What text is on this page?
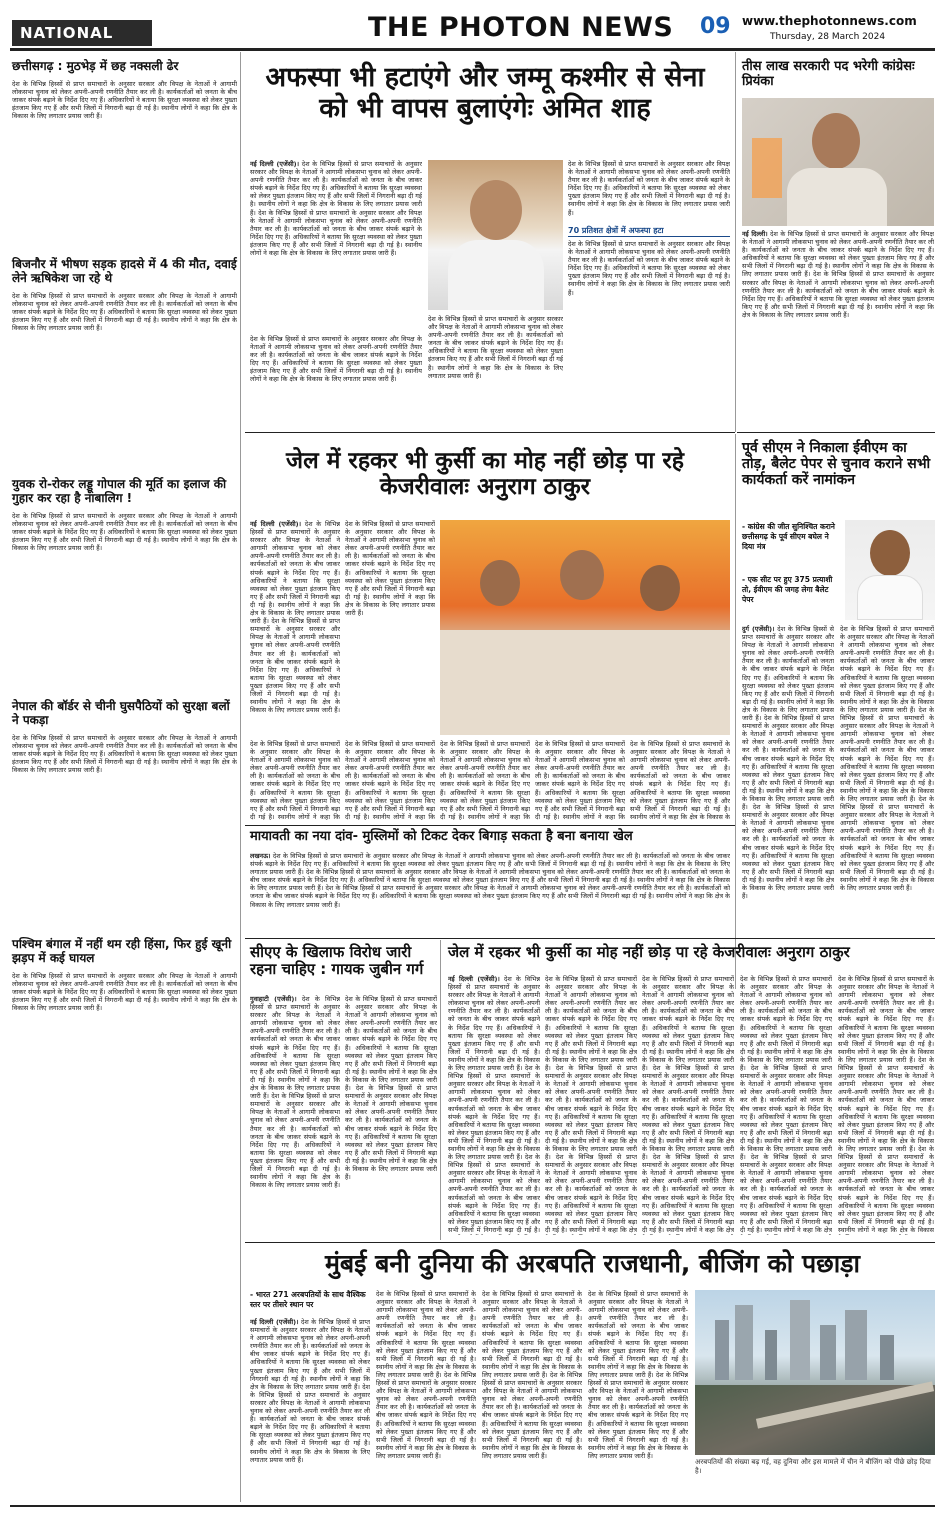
NATIONAL	THE PHOTON NEWS 09 www.thephotonnews.com
Thursday, 28 March 2024
छत्तीसगढ़ : मुठभेड़ में छह नक्सली ढेर
देश के विभिन्न हिस्सों से प्राप्त समाचारों के अनुसार सरकार और विपक्ष के नेताओं ने आगामी लोकसभा चुनाव को लेकर अपनी-अपनी रणनीति तैयार कर ली है। कार्यकर्ताओं को जनता के बीच जाकर संपर्क बढ़ाने के निर्देश दिए गए हैं। अधिकारियों ने बताया कि सुरक्षा व्यवस्था को लेकर पुख्ता इंतजाम किए गए हैं और सभी जिलों में निगरानी बढ़ा दी गई है। स्थानीय लोगों ने कहा कि क्षेत्र के विकास के लिए लगातार प्रयास जारी हैं।
बिजनौर में भीषण सड़क हादसे में 4 की मौत, दवाई लेने ऋषिकेश जा रहे थे
देश के विभिन्न हिस्सों से प्राप्त समाचारों के अनुसार सरकार और विपक्ष के नेताओं ने आगामी लोकसभा चुनाव को लेकर अपनी-अपनी रणनीति तैयार कर ली है। कार्यकर्ताओं को जनता के बीच जाकर संपर्क बढ़ाने के निर्देश दिए गए हैं। अधिकारियों ने बताया कि सुरक्षा व्यवस्था को लेकर पुख्ता इंतजाम किए गए हैं और सभी जिलों में निगरानी बढ़ा दी गई है। स्थानीय लोगों ने कहा कि क्षेत्र के विकास के लिए लगातार प्रयास जारी हैं।
युवक रो-रोकर लड्डू गोपाल की मूर्ति का इलाज की गुहार कर रहा है नाबालिग !
देश के विभिन्न हिस्सों से प्राप्त समाचारों के अनुसार सरकार और विपक्ष के नेताओं ने आगामी लोकसभा चुनाव को लेकर अपनी-अपनी रणनीति तैयार कर ली है। कार्यकर्ताओं को जनता के बीच जाकर संपर्क बढ़ाने के निर्देश दिए गए हैं। अधिकारियों ने बताया कि सुरक्षा व्यवस्था को लेकर पुख्ता इंतजाम किए गए हैं और सभी जिलों में निगरानी बढ़ा दी गई है। स्थानीय लोगों ने कहा कि क्षेत्र के विकास के लिए लगातार प्रयास जारी हैं।
नेपाल की बॉर्डर से चीनी घुसपैठियों को सुरक्षा बलों ने पकड़ा
देश के विभिन्न हिस्सों से प्राप्त समाचारों के अनुसार सरकार और विपक्ष के नेताओं ने आगामी लोकसभा चुनाव को लेकर अपनी-अपनी रणनीति तैयार कर ली है। कार्यकर्ताओं को जनता के बीच जाकर संपर्क बढ़ाने के निर्देश दिए गए हैं। अधिकारियों ने बताया कि सुरक्षा व्यवस्था को लेकर पुख्ता इंतजाम किए गए हैं और सभी जिलों में निगरानी बढ़ा दी गई है। स्थानीय लोगों ने कहा कि क्षेत्र के विकास के लिए लगातार प्रयास जारी हैं।
पश्चिम बंगाल में नहीं थम रही हिंसा, फिर हुई खूनी झड़प में कई घायल
देश के विभिन्न हिस्सों से प्राप्त समाचारों के अनुसार सरकार और विपक्ष के नेताओं ने आगामी लोकसभा चुनाव को लेकर अपनी-अपनी रणनीति तैयार कर ली है। कार्यकर्ताओं को जनता के बीच जाकर संपर्क बढ़ाने के निर्देश दिए गए हैं। अधिकारियों ने बताया कि सुरक्षा व्यवस्था को लेकर पुख्ता इंतजाम किए गए हैं और सभी जिलों में निगरानी बढ़ा दी गई है। स्थानीय लोगों ने कहा कि क्षेत्र के विकास के लिए लगातार प्रयास जारी हैं।
अफस्पा भी हटाएंगे और जम्मू कश्मीर से सेना को भी वापस बुलाएंगेः अमित शाह
नई दिल्ली (एजेंसी)। देश के विभिन्न हिस्सों से प्राप्त समाचारों के अनुसार सरकार और विपक्ष के नेताओं ने आगामी लोकसभा चुनाव को लेकर अपनी-अपनी रणनीति तैयार कर ली है। कार्यकर्ताओं को जनता के बीच जाकर संपर्क बढ़ाने के निर्देश दिए गए हैं। अधिकारियों ने बताया कि सुरक्षा व्यवस्था को लेकर पुख्ता इंतजाम किए गए हैं और सभी जिलों में निगरानी बढ़ा दी गई है। स्थानीय लोगों ने कहा कि क्षेत्र के विकास के लिए लगातार प्रयास जारी हैं। देश के विभिन्न हिस्सों से प्राप्त समाचारों के अनुसार सरकार और विपक्ष के नेताओं ने आगामी लोकसभा चुनाव को लेकर अपनी-अपनी रणनीति तैयार कर ली है। कार्यकर्ताओं को जनता के बीच जाकर संपर्क बढ़ाने के निर्देश दिए गए हैं। अधिकारियों ने बताया कि सुरक्षा व्यवस्था को लेकर पुख्ता इंतजाम किए गए हैं और सभी जिलों में निगरानी बढ़ा दी गई है। स्थानीय लोगों ने कहा कि क्षेत्र के विकास के लिए लगातार प्रयास जारी हैं।
देश के विभिन्न हिस्सों से प्राप्त समाचारों के अनुसार सरकार और विपक्ष के नेताओं ने आगामी लोकसभा चुनाव को लेकर अपनी-अपनी रणनीति तैयार कर ली है। कार्यकर्ताओं को जनता के बीच जाकर संपर्क बढ़ाने के निर्देश दिए गए हैं। अधिकारियों ने बताया कि सुरक्षा व्यवस्था को लेकर पुख्ता इंतजाम किए गए हैं और सभी जिलों में निगरानी बढ़ा दी गई है। स्थानीय लोगों ने कहा कि क्षेत्र के विकास के लिए लगातार प्रयास जारी हैं।
देश के विभिन्न हिस्सों से प्राप्त समाचारों के अनुसार सरकार और विपक्ष के नेताओं ने आगामी लोकसभा चुनाव को लेकर अपनी-अपनी रणनीति तैयार कर ली है। कार्यकर्ताओं को जनता के बीच जाकर संपर्क बढ़ाने के निर्देश दिए गए हैं। अधिकारियों ने बताया कि सुरक्षा व्यवस्था को लेकर पुख्ता इंतजाम किए गए हैं और सभी जिलों में निगरानी बढ़ा दी गई है। स्थानीय लोगों ने कहा कि क्षेत्र के विकास के लिए लगातार प्रयास जारी हैं।
70 प्रतिशत क्षेत्रों में अफस्पा हटा
देश के विभिन्न हिस्सों से प्राप्त समाचारों के अनुसार सरकार और विपक्ष के नेताओं ने आगामी लोकसभा चुनाव को लेकर अपनी-अपनी रणनीति तैयार कर ली है। कार्यकर्ताओं को जनता के बीच जाकर संपर्क बढ़ाने के निर्देश दिए गए हैं। अधिकारियों ने बताया कि सुरक्षा व्यवस्था को लेकर पुख्ता इंतजाम किए गए हैं और सभी जिलों में निगरानी बढ़ा दी गई है। स्थानीय लोगों ने कहा कि क्षेत्र के विकास के लिए लगातार प्रयास जारी हैं।
देश के विभिन्न हिस्सों से प्राप्त समाचारों के अनुसार सरकार और विपक्ष के नेताओं ने आगामी लोकसभा चुनाव को लेकर अपनी-अपनी रणनीति तैयार कर ली है। कार्यकर्ताओं को जनता के बीच जाकर संपर्क बढ़ाने के निर्देश दिए गए हैं। अधिकारियों ने बताया कि सुरक्षा व्यवस्था को लेकर पुख्ता इंतजाम किए गए हैं और सभी जिलों में निगरानी बढ़ा दी गई है। स्थानीय लोगों ने कहा कि क्षेत्र के विकास के लिए लगातार प्रयास जारी हैं।
तीस लाख सरकारी पद भरेगी कांग्रेसः प्रियंका
नई दिल्ली। देश के विभिन्न हिस्सों से प्राप्त समाचारों के अनुसार सरकार और विपक्ष के नेताओं ने आगामी लोकसभा चुनाव को लेकर अपनी-अपनी रणनीति तैयार कर ली है। कार्यकर्ताओं को जनता के बीच जाकर संपर्क बढ़ाने के निर्देश दिए गए हैं। अधिकारियों ने बताया कि सुरक्षा व्यवस्था को लेकर पुख्ता इंतजाम किए गए हैं और सभी जिलों में निगरानी बढ़ा दी गई है। स्थानीय लोगों ने कहा कि क्षेत्र के विकास के लिए लगातार प्रयास जारी हैं। देश के विभिन्न हिस्सों से प्राप्त समाचारों के अनुसार सरकार और विपक्ष के नेताओं ने आगामी लोकसभा चुनाव को लेकर अपनी-अपनी रणनीति तैयार कर ली है। कार्यकर्ताओं को जनता के बीच जाकर संपर्क बढ़ाने के निर्देश दिए गए हैं। अधिकारियों ने बताया कि सुरक्षा व्यवस्था को लेकर पुख्ता इंतजाम किए गए हैं और सभी जिलों में निगरानी बढ़ा दी गई है। स्थानीय लोगों ने कहा कि क्षेत्र के विकास के लिए लगातार प्रयास जारी हैं।
जेल में रहकर भी कुर्सी का मोह नहीं छोड़ पा रहे केजरीवालः अनुराग ठाकुर
नई दिल्ली (एजेंसी)। देश के विभिन्न हिस्सों से प्राप्त समाचारों के अनुसार सरकार और विपक्ष के नेताओं ने आगामी लोकसभा चुनाव को लेकर अपनी-अपनी रणनीति तैयार कर ली है। कार्यकर्ताओं को जनता के बीच जाकर संपर्क बढ़ाने के निर्देश दिए गए हैं। अधिकारियों ने बताया कि सुरक्षा व्यवस्था को लेकर पुख्ता इंतजाम किए गए हैं और सभी जिलों में निगरानी बढ़ा दी गई है। स्थानीय लोगों ने कहा कि क्षेत्र के विकास के लिए लगातार प्रयास जारी हैं। देश के विभिन्न हिस्सों से प्राप्त समाचारों के अनुसार सरकार और विपक्ष के नेताओं ने आगामी लोकसभा चुनाव को लेकर अपनी-अपनी रणनीति तैयार कर ली है। कार्यकर्ताओं को जनता के बीच जाकर संपर्क बढ़ाने के निर्देश दिए गए हैं। अधिकारियों ने बताया कि सुरक्षा व्यवस्था को लेकर पुख्ता इंतजाम किए गए हैं और सभी जिलों में निगरानी बढ़ा दी गई है। स्थानीय लोगों ने कहा कि क्षेत्र के विकास के लिए लगातार प्रयास जारी हैं।
देश के विभिन्न हिस्सों से प्राप्त समाचारों के अनुसार सरकार और विपक्ष के नेताओं ने आगामी लोकसभा चुनाव को लेकर अपनी-अपनी रणनीति तैयार कर ली है। कार्यकर्ताओं को जनता के बीच जाकर संपर्क बढ़ाने के निर्देश दिए गए हैं। अधिकारियों ने बताया कि सुरक्षा व्यवस्था को लेकर पुख्ता इंतजाम किए गए हैं और सभी जिलों में निगरानी बढ़ा दी गई है। स्थानीय लोगों ने कहा कि क्षेत्र के विकास के लिए लगातार प्रयास जारी हैं।
देश के विभिन्न हिस्सों से प्राप्त समाचारों के अनुसार सरकार और विपक्ष के नेताओं ने आगामी लोकसभा चुनाव को लेकर अपनी-अपनी रणनीति तैयार कर ली है। कार्यकर्ताओं को जनता के बीच जाकर संपर्क बढ़ाने के निर्देश दिए गए हैं। अधिकारियों ने बताया कि सुरक्षा व्यवस्था को लेकर पुख्ता इंतजाम किए गए हैं और सभी जिलों में निगरानी बढ़ा दी गई है। स्थानीय लोगों ने कहा कि
देश के विभिन्न हिस्सों से प्राप्त समाचारों के अनुसार सरकार और विपक्ष के नेताओं ने आगामी लोकसभा चुनाव को लेकर अपनी-अपनी रणनीति तैयार कर ली है। कार्यकर्ताओं को जनता के बीच जाकर संपर्क बढ़ाने के निर्देश दिए गए हैं। अधिकारियों ने बताया कि सुरक्षा व्यवस्था को लेकर पुख्ता इंतजाम किए गए हैं और सभी जिलों में निगरानी बढ़ा दी गई है। स्थानीय लोगों ने कहा कि
देश के विभिन्न हिस्सों से प्राप्त समाचारों के अनुसार सरकार और विपक्ष के नेताओं ने आगामी लोकसभा चुनाव को लेकर अपनी-अपनी रणनीति तैयार कर ली है। कार्यकर्ताओं को जनता के बीच जाकर संपर्क बढ़ाने के निर्देश दिए गए हैं। अधिकारियों ने बताया कि सुरक्षा व्यवस्था को लेकर पुख्ता इंतजाम किए गए हैं और सभी जिलों में निगरानी बढ़ा दी गई है। स्थानीय लोगों ने कहा कि
देश के विभिन्न हिस्सों से प्राप्त समाचारों के अनुसार सरकार और विपक्ष के नेताओं ने आगामी लोकसभा चुनाव को लेकर अपनी-अपनी रणनीति तैयार कर ली है। कार्यकर्ताओं को जनता के बीच जाकर संपर्क बढ़ाने के निर्देश दिए गए हैं। अधिकारियों ने बताया कि सुरक्षा व्यवस्था को लेकर पुख्ता इंतजाम किए गए हैं और सभी जिलों में निगरानी बढ़ा दी गई है। स्थानीय लोगों ने कहा कि
देश के विभिन्न हिस्सों से प्राप्त समाचारों के अनुसार सरकार और विपक्ष के नेताओं ने आगामी लोकसभा चुनाव को लेकर अपनी-अपनी रणनीति तैयार कर ली है। कार्यकर्ताओं को जनता के बीच जाकर संपर्क बढ़ाने के निर्देश दिए गए हैं। अधिकारियों ने बताया कि सुरक्षा व्यवस्था को लेकर पुख्ता इंतजाम किए गए हैं और सभी जिलों में निगरानी बढ़ा दी गई है। स्थानीय लोगों ने कहा कि क्षेत्र के विकास के
पूर्व सीएम ने निकाला ईवीएम का तोड़, बैलेट पेपर से चुनाव कराने सभी कार्यकर्ता करें नामांकन
- कांग्रेस की जीत सुनिश्चित कराने छत्तीसगढ़ के पूर्व सीएम बघेल ने दिया मंत्र
- एक सीट पर हुए 375 प्रत्याशी तो, ईवीएम की जगह लेगा बैलेट पेपर
दुर्ग (एजेंसी)। देश के विभिन्न हिस्सों से प्राप्त समाचारों के अनुसार सरकार और विपक्ष के नेताओं ने आगामी लोकसभा चुनाव को लेकर अपनी-अपनी रणनीति तैयार कर ली है। कार्यकर्ताओं को जनता के बीच जाकर संपर्क बढ़ाने के निर्देश दिए गए हैं। अधिकारियों ने बताया कि सुरक्षा व्यवस्था को लेकर पुख्ता इंतजाम किए गए हैं और सभी जिलों में निगरानी बढ़ा दी गई है। स्थानीय लोगों ने कहा कि क्षेत्र के विकास के लिए लगातार प्रयास जारी हैं। देश के विभिन्न हिस्सों से प्राप्त समाचारों के अनुसार सरकार और विपक्ष के नेताओं ने आगामी लोकसभा चुनाव को लेकर अपनी-अपनी रणनीति तैयार कर ली है। कार्यकर्ताओं को जनता के बीच जाकर संपर्क बढ़ाने के निर्देश दिए गए हैं। अधिकारियों ने बताया कि सुरक्षा व्यवस्था को लेकर पुख्ता इंतजाम किए गए हैं और सभी जिलों में निगरानी बढ़ा दी गई है। स्थानीय लोगों ने कहा कि क्षेत्र के विकास के लिए लगातार प्रयास जारी हैं। देश के विभिन्न हिस्सों से प्राप्त समाचारों के अनुसार सरकार और विपक्ष के नेताओं ने आगामी लोकसभा चुनाव को लेकर अपनी-अपनी रणनीति तैयार कर ली है। कार्यकर्ताओं को जनता के बीच जाकर संपर्क बढ़ाने के निर्देश दिए गए हैं। अधिकारियों ने बताया कि सुरक्षा व्यवस्था को लेकर पुख्ता इंतजाम किए गए हैं और सभी जिलों में निगरानी बढ़ा दी गई है। स्थानीय लोगों ने कहा कि क्षेत्र के विकास के लिए लगातार प्रयास जारी हैं।
देश के विभिन्न हिस्सों से प्राप्त समाचारों के अनुसार सरकार और विपक्ष के नेताओं ने आगामी लोकसभा चुनाव को लेकर अपनी-अपनी रणनीति तैयार कर ली है। कार्यकर्ताओं को जनता के बीच जाकर संपर्क बढ़ाने के निर्देश दिए गए हैं। अधिकारियों ने बताया कि सुरक्षा व्यवस्था को लेकर पुख्ता इंतजाम किए गए हैं और सभी जिलों में निगरानी बढ़ा दी गई है। स्थानीय लोगों ने कहा कि क्षेत्र के विकास के लिए लगातार प्रयास जारी हैं। देश के विभिन्न हिस्सों से प्राप्त समाचारों के अनुसार सरकार और विपक्ष के नेताओं ने आगामी लोकसभा चुनाव को लेकर अपनी-अपनी रणनीति तैयार कर ली है। कार्यकर्ताओं को जनता के बीच जाकर संपर्क बढ़ाने के निर्देश दिए गए हैं। अधिकारियों ने बताया कि सुरक्षा व्यवस्था को लेकर पुख्ता इंतजाम किए गए हैं और सभी जिलों में निगरानी बढ़ा दी गई है। स्थानीय लोगों ने कहा कि क्षेत्र के विकास के लिए लगातार प्रयास जारी हैं। देश के विभिन्न हिस्सों से प्राप्त समाचारों के अनुसार सरकार और विपक्ष के नेताओं ने आगामी लोकसभा चुनाव को लेकर अपनी-अपनी रणनीति तैयार कर ली है। कार्यकर्ताओं को जनता के बीच जाकर संपर्क बढ़ाने के निर्देश दिए गए हैं। अधिकारियों ने बताया कि सुरक्षा व्यवस्था को लेकर पुख्ता इंतजाम किए गए हैं और सभी जिलों में निगरानी बढ़ा दी गई है। स्थानीय लोगों ने कहा कि क्षेत्र के विकास के लिए लगातार प्रयास जारी हैं।
मायावती का नया दांव- मुस्लिमों को टिकट देकर बिगाड़ सकता है बना बनाया खेल
लखनऊ। देश के विभिन्न हिस्सों से प्राप्त समाचारों के अनुसार सरकार और विपक्ष के नेताओं ने आगामी लोकसभा चुनाव को लेकर अपनी-अपनी रणनीति तैयार कर ली है। कार्यकर्ताओं को जनता के बीच जाकर संपर्क बढ़ाने के निर्देश दिए गए हैं। अधिकारियों ने बताया कि सुरक्षा व्यवस्था को लेकर पुख्ता इंतजाम किए गए हैं और सभी जिलों में निगरानी बढ़ा दी गई है। स्थानीय लोगों ने कहा कि क्षेत्र के विकास के लिए लगातार प्रयास जारी हैं। देश के विभिन्न हिस्सों से प्राप्त समाचारों के अनुसार सरकार और विपक्ष के नेताओं ने आगामी लोकसभा चुनाव को लेकर अपनी-अपनी रणनीति तैयार कर ली है। कार्यकर्ताओं को जनता के बीच जाकर संपर्क बढ़ाने के निर्देश दिए गए हैं। अधिकारियों ने बताया कि सुरक्षा व्यवस्था को लेकर पुख्ता इंतजाम किए गए हैं और सभी जिलों में निगरानी बढ़ा दी गई है। स्थानीय लोगों ने कहा कि क्षेत्र के विकास के लिए लगातार प्रयास जारी हैं। देश के विभिन्न हिस्सों से प्राप्त समाचारों के अनुसार सरकार और विपक्ष के नेताओं ने आगामी लोकसभा चुनाव को लेकर अपनी-अपनी रणनीति तैयार कर ली है। कार्यकर्ताओं को जनता के बीच जाकर संपर्क बढ़ाने के निर्देश दिए गए हैं। अधिकारियों ने बताया कि सुरक्षा व्यवस्था को लेकर पुख्ता इंतजाम किए गए हैं और सभी जिलों में निगरानी बढ़ा दी गई है। स्थानीय लोगों ने कहा कि क्षेत्र के विकास के लिए लगातार प्रयास जारी हैं।
सीएए के खिलाफ विरोध जारी रहना चाहिए : गायक जुबीन गर्ग
गुवाहाटी (एजेंसी)। देश के विभिन्न हिस्सों से प्राप्त समाचारों के अनुसार सरकार और विपक्ष के नेताओं ने आगामी लोकसभा चुनाव को लेकर अपनी-अपनी रणनीति तैयार कर ली है। कार्यकर्ताओं को जनता के बीच जाकर संपर्क बढ़ाने के निर्देश दिए गए हैं। अधिकारियों ने बताया कि सुरक्षा व्यवस्था को लेकर पुख्ता इंतजाम किए गए हैं और सभी जिलों में निगरानी बढ़ा दी गई है। स्थानीय लोगों ने कहा कि क्षेत्र के विकास के लिए लगातार प्रयास जारी हैं। देश के विभिन्न हिस्सों से प्राप्त समाचारों के अनुसार सरकार और विपक्ष के नेताओं ने आगामी लोकसभा चुनाव को लेकर अपनी-अपनी रणनीति तैयार कर ली है। कार्यकर्ताओं को जनता के बीच जाकर संपर्क बढ़ाने के निर्देश दिए गए हैं। अधिकारियों ने बताया कि सुरक्षा व्यवस्था को लेकर पुख्ता इंतजाम किए गए हैं और सभी जिलों में निगरानी बढ़ा दी गई है। स्थानीय लोगों ने कहा कि क्षेत्र के विकास के लिए लगातार प्रयास जारी हैं।
देश के विभिन्न हिस्सों से प्राप्त समाचारों के अनुसार सरकार और विपक्ष के नेताओं ने आगामी लोकसभा चुनाव को लेकर अपनी-अपनी रणनीति तैयार कर ली है। कार्यकर्ताओं को जनता के बीच जाकर संपर्क बढ़ाने के निर्देश दिए गए हैं। अधिकारियों ने बताया कि सुरक्षा व्यवस्था को लेकर पुख्ता इंतजाम किए गए हैं और सभी जिलों में निगरानी बढ़ा दी गई है। स्थानीय लोगों ने कहा कि क्षेत्र के विकास के लिए लगातार प्रयास जारी हैं। देश के विभिन्न हिस्सों से प्राप्त समाचारों के अनुसार सरकार और विपक्ष के नेताओं ने आगामी लोकसभा चुनाव को लेकर अपनी-अपनी रणनीति तैयार कर ली है। कार्यकर्ताओं को जनता के बीच जाकर संपर्क बढ़ाने के निर्देश दिए गए हैं। अधिकारियों ने बताया कि सुरक्षा व्यवस्था को लेकर पुख्ता इंतजाम किए गए हैं और सभी जिलों में निगरानी बढ़ा दी गई है। स्थानीय लोगों ने कहा कि क्षेत्र के विकास के लिए लगातार प्रयास जारी हैं।
जेल में रहकर भी कुर्सी का मोह नहीं छोड़ पा रहे केजरीवालः अनुराग ठाकुर
नई दिल्ली (एजेंसी)। देश के विभिन्न हिस्सों से प्राप्त समाचारों के अनुसार सरकार और विपक्ष के नेताओं ने आगामी लोकसभा चुनाव को लेकर अपनी-अपनी रणनीति तैयार कर ली है। कार्यकर्ताओं को जनता के बीच जाकर संपर्क बढ़ाने के निर्देश दिए गए हैं। अधिकारियों ने बताया कि सुरक्षा व्यवस्था को लेकर पुख्ता इंतजाम किए गए हैं और सभी जिलों में निगरानी बढ़ा दी गई है। स्थानीय लोगों ने कहा कि क्षेत्र के विकास के लिए लगातार प्रयास जारी हैं। देश के विभिन्न हिस्सों से प्राप्त समाचारों के अनुसार सरकार और विपक्ष के नेताओं ने आगामी लोकसभा चुनाव को लेकर अपनी-अपनी रणनीति तैयार कर ली है। कार्यकर्ताओं को जनता के बीच जाकर संपर्क बढ़ाने के निर्देश दिए गए हैं। अधिकारियों ने बताया कि सुरक्षा व्यवस्था को लेकर पुख्ता इंतजाम किए गए हैं और सभी जिलों में निगरानी बढ़ा दी गई है। स्थानीय लोगों ने कहा कि क्षेत्र के विकास के लिए लगातार प्रयास जारी हैं। देश के विभिन्न हिस्सों से प्राप्त समाचारों के अनुसार सरकार और विपक्ष के नेताओं ने आगामी लोकसभा चुनाव को लेकर अपनी-अपनी रणनीति तैयार कर ली है। कार्यकर्ताओं को जनता के बीच जाकर संपर्क बढ़ाने के निर्देश दिए गए हैं। अधिकारियों ने बताया कि सुरक्षा व्यवस्था को लेकर पुख्ता इंतजाम किए गए हैं और सभी जिलों में निगरानी बढ़ा दी गई है।
देश के विभिन्न हिस्सों से प्राप्त समाचारों के अनुसार सरकार और विपक्ष के नेताओं ने आगामी लोकसभा चुनाव को लेकर अपनी-अपनी रणनीति तैयार कर ली है। कार्यकर्ताओं को जनता के बीच जाकर संपर्क बढ़ाने के निर्देश दिए गए हैं। अधिकारियों ने बताया कि सुरक्षा व्यवस्था को लेकर पुख्ता इंतजाम किए गए हैं और सभी जिलों में निगरानी बढ़ा दी गई है। स्थानीय लोगों ने कहा कि क्षेत्र के विकास के लिए लगातार प्रयास जारी हैं। देश के विभिन्न हिस्सों से प्राप्त समाचारों के अनुसार सरकार और विपक्ष के नेताओं ने आगामी लोकसभा चुनाव को लेकर अपनी-अपनी रणनीति तैयार कर ली है। कार्यकर्ताओं को जनता के बीच जाकर संपर्क बढ़ाने के निर्देश दिए गए हैं। अधिकारियों ने बताया कि सुरक्षा व्यवस्था को लेकर पुख्ता इंतजाम किए गए हैं और सभी जिलों में निगरानी बढ़ा दी गई है। स्थानीय लोगों ने कहा कि क्षेत्र के विकास के लिए लगातार प्रयास जारी हैं। देश के विभिन्न हिस्सों से प्राप्त समाचारों के अनुसार सरकार और विपक्ष के नेताओं ने आगामी लोकसभा चुनाव को लेकर अपनी-अपनी रणनीति तैयार कर ली है। कार्यकर्ताओं को जनता के बीच जाकर संपर्क बढ़ाने के निर्देश दिए गए हैं। अधिकारियों ने बताया कि सुरक्षा व्यवस्था को लेकर पुख्ता इंतजाम किए गए हैं और सभी जिलों में निगरानी बढ़ा दी गई है। स्थानीय लोगों ने कहा कि क्षेत्र
देश के विभिन्न हिस्सों से प्राप्त समाचारों के अनुसार सरकार और विपक्ष के नेताओं ने आगामी लोकसभा चुनाव को लेकर अपनी-अपनी रणनीति तैयार कर ली है। कार्यकर्ताओं को जनता के बीच जाकर संपर्क बढ़ाने के निर्देश दिए गए हैं। अधिकारियों ने बताया कि सुरक्षा व्यवस्था को लेकर पुख्ता इंतजाम किए गए हैं और सभी जिलों में निगरानी बढ़ा दी गई है। स्थानीय लोगों ने कहा कि क्षेत्र के विकास के लिए लगातार प्रयास जारी हैं। देश के विभिन्न हिस्सों से प्राप्त समाचारों के अनुसार सरकार और विपक्ष के नेताओं ने आगामी लोकसभा चुनाव को लेकर अपनी-अपनी रणनीति तैयार कर ली है। कार्यकर्ताओं को जनता के बीच जाकर संपर्क बढ़ाने के निर्देश दिए गए हैं। अधिकारियों ने बताया कि सुरक्षा व्यवस्था को लेकर पुख्ता इंतजाम किए गए हैं और सभी जिलों में निगरानी बढ़ा दी गई है। स्थानीय लोगों ने कहा कि क्षेत्र के विकास के लिए लगातार प्रयास जारी हैं। देश के विभिन्न हिस्सों से प्राप्त समाचारों के अनुसार सरकार और विपक्ष के नेताओं ने आगामी लोकसभा चुनाव को लेकर अपनी-अपनी रणनीति तैयार कर ली है। कार्यकर्ताओं को जनता के बीच जाकर संपर्क बढ़ाने के निर्देश दिए गए हैं। अधिकारियों ने बताया कि सुरक्षा व्यवस्था को लेकर पुख्ता इंतजाम किए गए हैं और सभी जिलों में निगरानी बढ़ा दी गई है। स्थानीय लोगों ने कहा कि क्षेत्र
देश के विभिन्न हिस्सों से प्राप्त समाचारों के अनुसार सरकार और विपक्ष के नेताओं ने आगामी लोकसभा चुनाव को लेकर अपनी-अपनी रणनीति तैयार कर ली है। कार्यकर्ताओं को जनता के बीच जाकर संपर्क बढ़ाने के निर्देश दिए गए हैं। अधिकारियों ने बताया कि सुरक्षा व्यवस्था को लेकर पुख्ता इंतजाम किए गए हैं और सभी जिलों में निगरानी बढ़ा दी गई है। स्थानीय लोगों ने कहा कि क्षेत्र के विकास के लिए लगातार प्रयास जारी हैं। देश के विभिन्न हिस्सों से प्राप्त समाचारों के अनुसार सरकार और विपक्ष के नेताओं ने आगामी लोकसभा चुनाव को लेकर अपनी-अपनी रणनीति तैयार कर ली है। कार्यकर्ताओं को जनता के बीच जाकर संपर्क बढ़ाने के निर्देश दिए गए हैं। अधिकारियों ने बताया कि सुरक्षा व्यवस्था को लेकर पुख्ता इंतजाम किए गए हैं और सभी जिलों में निगरानी बढ़ा दी गई है। स्थानीय लोगों ने कहा कि क्षेत्र के विकास के लिए लगातार प्रयास जारी हैं। देश के विभिन्न हिस्सों से प्राप्त समाचारों के अनुसार सरकार और विपक्ष के नेताओं ने आगामी लोकसभा चुनाव को लेकर अपनी-अपनी रणनीति तैयार कर ली है। कार्यकर्ताओं को जनता के बीच जाकर संपर्क बढ़ाने के निर्देश दिए गए हैं। अधिकारियों ने बताया कि सुरक्षा व्यवस्था को लेकर पुख्ता इंतजाम किए गए हैं और सभी जिलों में निगरानी बढ़ा दी गई है। स्थानीय लोगों ने कहा कि क्षेत्र
देश के विभिन्न हिस्सों से प्राप्त समाचारों के अनुसार सरकार और विपक्ष के नेताओं ने आगामी लोकसभा चुनाव को लेकर अपनी-अपनी रणनीति तैयार कर ली है। कार्यकर्ताओं को जनता के बीच जाकर संपर्क बढ़ाने के निर्देश दिए गए हैं। अधिकारियों ने बताया कि सुरक्षा व्यवस्था को लेकर पुख्ता इंतजाम किए गए हैं और सभी जिलों में निगरानी बढ़ा दी गई है। स्थानीय लोगों ने कहा कि क्षेत्र के विकास के लिए लगातार प्रयास जारी हैं। देश के विभिन्न हिस्सों से प्राप्त समाचारों के अनुसार सरकार और विपक्ष के नेताओं ने आगामी लोकसभा चुनाव को लेकर अपनी-अपनी रणनीति तैयार कर ली है। कार्यकर्ताओं को जनता के बीच जाकर संपर्क बढ़ाने के निर्देश दिए गए हैं। अधिकारियों ने बताया कि सुरक्षा व्यवस्था को लेकर पुख्ता इंतजाम किए गए हैं और सभी जिलों में निगरानी बढ़ा दी गई है। स्थानीय लोगों ने कहा कि क्षेत्र के विकास के लिए लगातार प्रयास जारी हैं। देश के विभिन्न हिस्सों से प्राप्त समाचारों के अनुसार सरकार और विपक्ष के नेताओं ने आगामी लोकसभा चुनाव को लेकर अपनी-अपनी रणनीति तैयार कर ली है। कार्यकर्ताओं को जनता के बीच जाकर संपर्क बढ़ाने के निर्देश दिए गए हैं। अधिकारियों ने बताया कि सुरक्षा व्यवस्था को लेकर पुख्ता इंतजाम किए गए हैं और सभी जिलों में निगरानी बढ़ा दी गई है। स्थानीय लोगों ने कहा कि क्षेत्र के विकास
मुंबई बनी दुनिया की अरबपति राजधानी, बीजिंग को पछाड़ा
- भारत 271 अरबपतियों के साथ वैश्विक स्तर पर तीसरे स्थान पर
नई दिल्ली (एजेंसी)। देश के विभिन्न हिस्सों से प्राप्त समाचारों के अनुसार सरकार और विपक्ष के नेताओं ने आगामी लोकसभा चुनाव को लेकर अपनी-अपनी रणनीति तैयार कर ली है। कार्यकर्ताओं को जनता के बीच जाकर संपर्क बढ़ाने के निर्देश दिए गए हैं। अधिकारियों ने बताया कि सुरक्षा व्यवस्था को लेकर पुख्ता इंतजाम किए गए हैं और सभी जिलों में निगरानी बढ़ा दी गई है। स्थानीय लोगों ने कहा कि क्षेत्र के विकास के लिए लगातार प्रयास जारी हैं। देश के विभिन्न हिस्सों से प्राप्त समाचारों के अनुसार सरकार और विपक्ष के नेताओं ने आगामी लोकसभा चुनाव को लेकर अपनी-अपनी रणनीति तैयार कर ली है। कार्यकर्ताओं को जनता के बीच जाकर संपर्क बढ़ाने के निर्देश दिए गए हैं। अधिकारियों ने बताया कि सुरक्षा व्यवस्था को लेकर पुख्ता इंतजाम किए गए हैं और सभी जिलों में निगरानी बढ़ा दी गई है। स्थानीय लोगों ने कहा कि क्षेत्र के विकास के लिए लगातार प्रयास जारी हैं।
देश के विभिन्न हिस्सों से प्राप्त समाचारों के अनुसार सरकार और विपक्ष के नेताओं ने आगामी लोकसभा चुनाव को लेकर अपनी-अपनी रणनीति तैयार कर ली है। कार्यकर्ताओं को जनता के बीच जाकर संपर्क बढ़ाने के निर्देश दिए गए हैं। अधिकारियों ने बताया कि सुरक्षा व्यवस्था को लेकर पुख्ता इंतजाम किए गए हैं और सभी जिलों में निगरानी बढ़ा दी गई है। स्थानीय लोगों ने कहा कि क्षेत्र के विकास के लिए लगातार प्रयास जारी हैं। देश के विभिन्न हिस्सों से प्राप्त समाचारों के अनुसार सरकार और विपक्ष के नेताओं ने आगामी लोकसभा चुनाव को लेकर अपनी-अपनी रणनीति तैयार कर ली है। कार्यकर्ताओं को जनता के बीच जाकर संपर्क बढ़ाने के निर्देश दिए गए हैं। अधिकारियों ने बताया कि सुरक्षा व्यवस्था को लेकर पुख्ता इंतजाम किए गए हैं और सभी जिलों में निगरानी बढ़ा दी गई है। स्थानीय लोगों ने कहा कि क्षेत्र के विकास के लिए लगातार प्रयास जारी हैं।
देश के विभिन्न हिस्सों से प्राप्त समाचारों के अनुसार सरकार और विपक्ष के नेताओं ने आगामी लोकसभा चुनाव को लेकर अपनी-अपनी रणनीति तैयार कर ली है। कार्यकर्ताओं को जनता के बीच जाकर संपर्क बढ़ाने के निर्देश दिए गए हैं। अधिकारियों ने बताया कि सुरक्षा व्यवस्था को लेकर पुख्ता इंतजाम किए गए हैं और सभी जिलों में निगरानी बढ़ा दी गई है। स्थानीय लोगों ने कहा कि क्षेत्र के विकास के लिए लगातार प्रयास जारी हैं। देश के विभिन्न हिस्सों से प्राप्त समाचारों के अनुसार सरकार और विपक्ष के नेताओं ने आगामी लोकसभा चुनाव को लेकर अपनी-अपनी रणनीति तैयार कर ली है। कार्यकर्ताओं को जनता के बीच जाकर संपर्क बढ़ाने के निर्देश दिए गए हैं। अधिकारियों ने बताया कि सुरक्षा व्यवस्था को लेकर पुख्ता इंतजाम किए गए हैं और सभी जिलों में निगरानी बढ़ा दी गई है। स्थानीय लोगों ने कहा कि क्षेत्र के विकास के लिए लगातार प्रयास जारी हैं।
देश के विभिन्न हिस्सों से प्राप्त समाचारों के अनुसार सरकार और विपक्ष के नेताओं ने आगामी लोकसभा चुनाव को लेकर अपनी-अपनी रणनीति तैयार कर ली है। कार्यकर्ताओं को जनता के बीच जाकर संपर्क बढ़ाने के निर्देश दिए गए हैं। अधिकारियों ने बताया कि सुरक्षा व्यवस्था को लेकर पुख्ता इंतजाम किए गए हैं और सभी जिलों में निगरानी बढ़ा दी गई है। स्थानीय लोगों ने कहा कि क्षेत्र के विकास के लिए लगातार प्रयास जारी हैं। देश के विभिन्न हिस्सों से प्राप्त समाचारों के अनुसार सरकार और विपक्ष के नेताओं ने आगामी लोकसभा चुनाव को लेकर अपनी-अपनी रणनीति तैयार कर ली है। कार्यकर्ताओं को जनता के बीच जाकर संपर्क बढ़ाने के निर्देश दिए गए हैं। अधिकारियों ने बताया कि सुरक्षा व्यवस्था को लेकर पुख्ता इंतजाम किए गए हैं और सभी जिलों में निगरानी बढ़ा दी गई है। स्थानीय लोगों ने कहा कि क्षेत्र के विकास के लिए लगातार प्रयास जारी हैं।
अरबपतियों की संख्या बढ़ गई, वह दुनिया और इस मामले में चीन ने बीजिंग को पीछे छोड़ दिया है।
